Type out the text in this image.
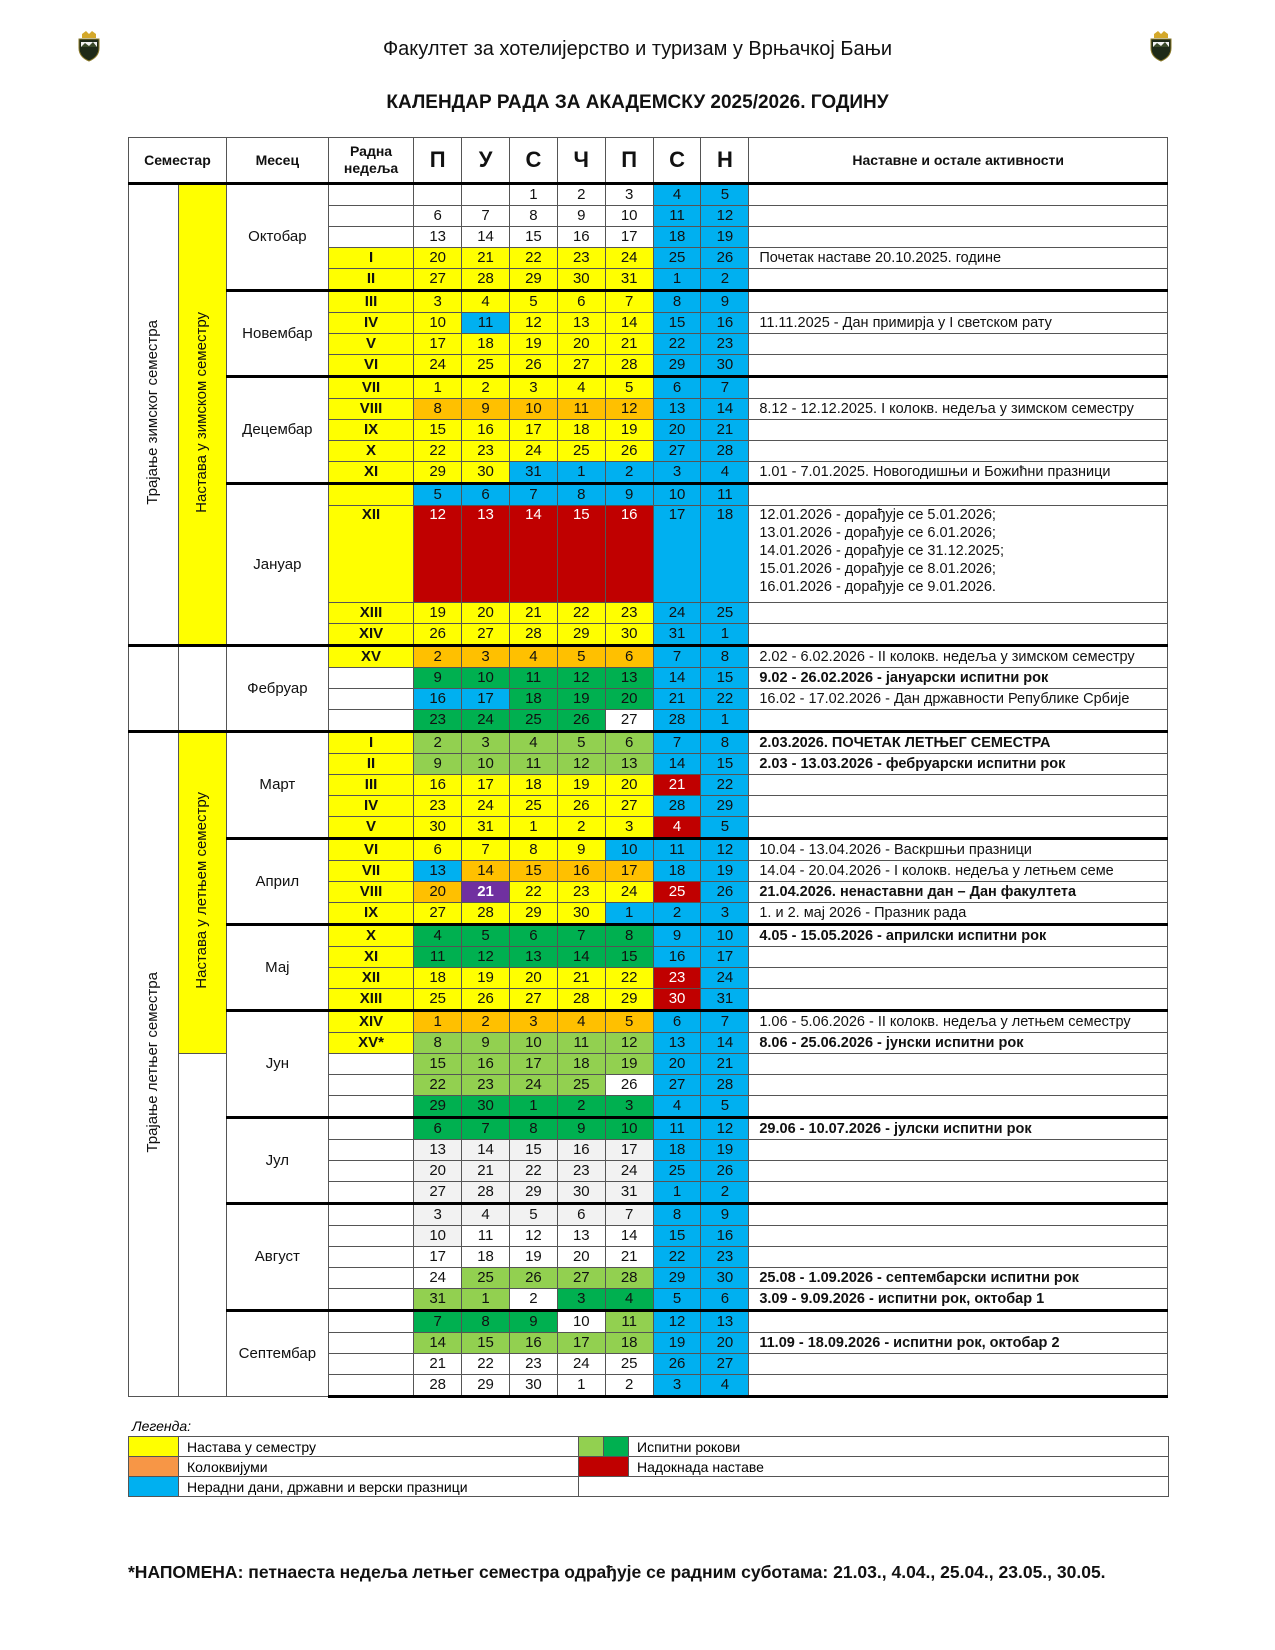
Факултет за хотелијерство и туризам у Врњачкој Бањи
КАЛЕНДАР РАДА ЗА АКАДЕМСКУ 2025/2026. ГОДИНУ
Семестар		Месец	Радна недеља	П	У	С	Ч	П	С	Н	Наставне и остале активности
Трајање зимског семестра	Настава у зимском семестру	Октобар				1	2	3	4	5	
				6	7	8	9	10	11	12	
				13	14	15	16	17	18	19	
			I	20	21	22	23	24	25	26	Почетак наставе 20.10.2025. године
			II	27	28	29	30	31	1	2	
		Новембар	III	3	4	5	6	7	8	9	
			IV	10	11	12	13	14	15	16	11.11.2025 - Дан примирја у I светском рату
			V	17	18	19	20	21	22	23	
			VI	24	25	26	27	28	29	30	
		Децембар	VII	1	2	3	4	5	6	7	
			VIII	8	9	10	11	12	13	14	8.12 - 12.12.2025. I колокв. недеља у зимском семестру
			IX	15	16	17	18	19	20	21	
			X	22	23	24	25	26	27	28	
			XI	29	30	31	1	2	3	4	1.01 - 7.01.2025. Новогодишњи и Божићни празници
		Јануар		5	6	7	8	9	10	11	
			XII	12	13	14	15	16	17	18	12.01.2026 - дорађује се 5.01.2026;
13.01.2026 - дорађује се 6.01.2026;
14.01.2026 - дорађује се 31.12.2025;
15.01.2026 - дорађује се 8.01.2026;
16.01.2026 - дорађује се 9.01.2026.

			XIII	19	20	21	22	23	24	25	
			XIV	26	27	28	29	30	31	1	
		Фебруар	XV	2	3	4	5	6	7	8	2.02 - 6.02.2026 - II колокв. недеља у зимском семестру
				9	10	11	12	13	14	15	9.02 - 26.02.2026 - јануарски испитни рок
				16	17	18	19	20	21	22	16.02 - 17.02.2026 - Дан државности Републике Србије
				23	24	25	26	27	28	1	
Трајање летњег семестра	Настава у летњем семестру	Март	I	2	3	4	5	6	7	8	2.03.2026. ПОЧЕТАК ЛЕТЊЕГ СЕМЕСТРА
			II	9	10	11	12	13	14	15	2.03 - 13.03.2026 - фебруарски испитни рок
			III	16	17	18	19	20	21	22	
			IV	23	24	25	26	27	28	29	
			V	30	31	1	2	3	4	5	
		Април	VI	6	7	8	9	10	11	12	10.04 - 13.04.2026 - Васкршњи празници
			VII	13	14	15	16	17	18	19	14.04 - 20.04.2026 - I колокв. недеља у летњем семе
			VIII	20	21	22	23	24	25	26	21.04.2026. ненаставни дан – Дан факултета
			IX	27	28	29	30	1	2	3	1. и 2. мај 2026 - Празник рада
		Мај	X	4	5	6	7	8	9	10	4.05 - 15.05.2026 - априлски испитни рок
			XI	11	12	13	14	15	16	17	
			XII	18	19	20	21	22	23	24	
			XIII	25	26	27	28	29	30	31	
		Јун	XIV	1	2	3	4	5	6	7	1.06 - 5.06.2026 - II колокв. недеља у летњем семестру
			XV*	8	9	10	11	12	13	14	8.06 - 25.06.2026 - јунски испитни рок
				15	16	17	18	19	20	21	
				22	23	24	25	26	27	28	
				29	30	1	2	3	4	5	
		Јул		6	7	8	9	10	11	12	29.06 - 10.07.2026 - јулски испитни рок
				13	14	15	16	17	18	19	
				20	21	22	23	24	25	26	
				27	28	29	30	31	1	2	
		Август		3	4	5	6	7	8	9	
				10	11	12	13	14	15	16	
				17	18	19	20	21	22	23	
				24	25	26	27	28	29	30	25.08 - 1.09.2026 - септембарски испитни рок
				31	1	2	3	4	5	6	3.09 - 9.09.2026 - испитни рок, октобар 1
		Септембар		7	8	9	10	11	12	13	
				14	15	16	17	18	19	20	11.09 - 18.09.2026 - испитни рок, октобар 2
				21	22	23	24	25	26	27	
				28	29	30	1	2	3	4	
Легенда:
	Настава у семестру			Испитни рокови
	Колоквијуми			Надокнада наставе
	Нерадни дани, државни и верски празници			
*НАПОМЕНА: петнаеста недеља летњег семестра одрађује се радним суботама: 21.03., 4.04., 25.04., 23.05., 30.05.
